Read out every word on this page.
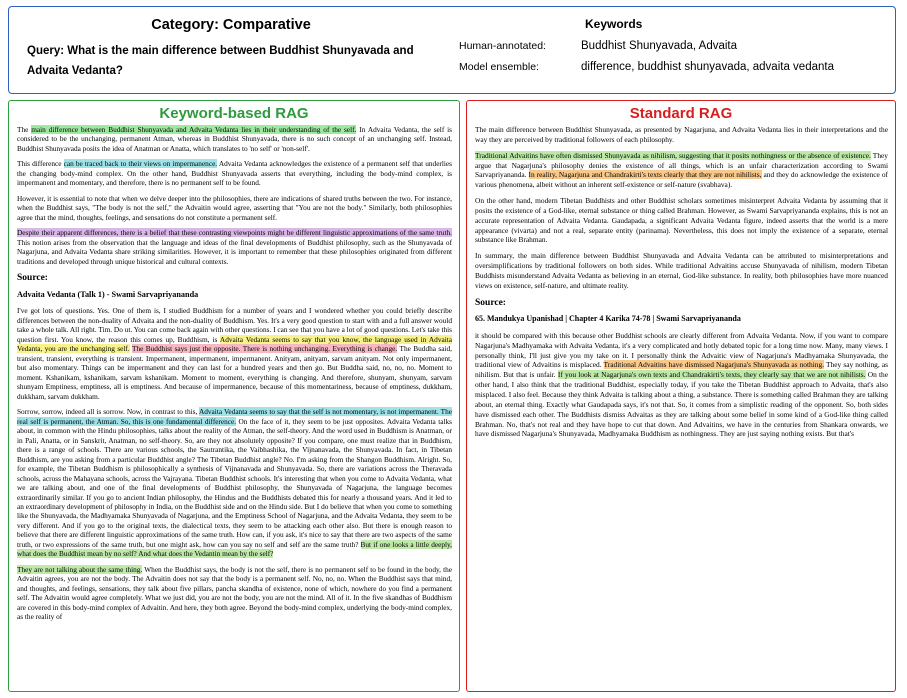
Category: Comparative
Query: What is the main difference between Buddhist Shunyavada and Advaita Vedanta?
Keywords
Human-annotated:	Buddhist Shunyavada, Advaita
Model ensemble:	difference, buddhist shunyavada, advaita vedanta
Keyword-based RAG

The main difference between Buddhist Shunyavada and Advaita Vedanta lies in their understanding of the self. In Advaita Vedanta, the self is considered to be the unchanging, permanent Atman, whereas in Buddhist Shunyavada, there is no such concept of an unchanging self. Instead, Buddhist Shunyavada posits the idea of Anatman or Anatta, which translates to 'no self' or 'non-self'.

This difference can be traced back to their views on impermanence. Advaita Vedanta acknowledges the existence of a permanent self that underlies the changing body-mind complex. On the other hand, Buddhist Shunyavada asserts that everything, including the body-mind complex, is impermanent and momentary, and therefore, there is no permanent self to be found.

However, it is essential to note that when we delve deeper into the philosophies, there are indications of shared truths between the two. For instance, when the Buddhist says, "The body is not the self," the Advaitin would agree, asserting that "You are not the body." Similarly, both philosophies agree that the mind, thoughts, feelings, and sensations do not constitute a permanent self.

Despite their apparent differences, there is a belief that these contrasting viewpoints might be different linguistic approximations of the same truth. This notion arises from the observation that the language and ideas of the final developments of Buddhist philosophy, such as the Shunyavada of Nagarjuna, and Advaita Vedanta share striking similarities. However, it is important to remember that these philosophies originated from different traditions and developed through unique historical and cultural contexts.

Source:
Advaita Vedanta (Talk 1) - Swami Sarvapriyananda

I've got lots of questions. Yes. One of them is, I studied Buddhism for a number of years and I wondered whether you could briefly describe differences between the non-duality of Advaita and the non-duality of Buddhism. Yes. It's a very good question to start with and a full answer would take a whole talk. All right. Tim. Do ut. You can come back again with other questions. I can see that you have a lot of good questions. Let's take this question first. You know, the reason this comes up, Buddhism, is Advaita Vedanta seems to say that you know, the language used in Advaita Vedanta, you are the unchanging self. The Buddhist says just the opposite. There is nothing unchanging. Everything is change. The Buddha said, transient, transient, everything is transient. Impermanent, impermanent, impermanent. Anityam, anityam, sarvam anityam. Not only impermanent, but also momentary. Things can be impermanent and they can last for a hundred years and then go. But Buddha said, no, no, no. Moment to moment. Kshanikam, kshanikam, sarvam kshanikam. Moment to moment, everything is changing. And therefore, shunyam, shunyam, sarvam shunyam Emptiness, emptiness, all is emptiness. And because of impermanence, because of this momentariness, because of emptiness, dukkham, dukkham, sarvam dukkham.

Sorrow, sorrow, indeed all is sorrow. Now, in contrast to this, Advaita Vedanta seems to say that the self is not momentary, is not impermanent. The real self is permanent, the Atman. So, this is one fundamental difference. On the face of it, they seem to be just opposites. Advaita Vedanta talks about, in common with the Hindu philosophies, talks about the reality of the Atman, the self-theory. And the word used in Buddhism is Anatman, or in Pali, Anatta, or in Sanskrit, Anatman, no self-theory. So, are they not absolutely opposite? If you compare, one must realize that in Buddhism, there is a range of schools. There are various schools, the Sautrantika, the Vaibhashika, the Vijnanavada, the Shunyavada. In fact, in Tibetan Buddhism, are you asking from a particular Buddhist angle? The Tibetan Buddhist angle? No. I'm asking from the Shangon Buddhism. Alright. So, for example, the Tibetan Buddhism is philosophically a synthesis of Vijnanavada and Shunyavada. So, there are variations across the Theravada schools, across the Mahayana schools, across the Vajrayana. Tibetan Buddhist schools. It's interesting that when you come to Advaita Vedanta, what we are talking about, and one of the final developments of Buddhist philosophy, the Shunyavada of Nagarjuna, the language becomes extraordinarily similar. If you go to ancient Indian philosophy, the Hindus and the Buddhists debated this for nearly a thousand years. And it led to an extraordinary development of philosophy in India, on the Buddhist side and on the Hindu side. But I do believe that when you come to something like the Shunyavada, the Madhyamaka Shunyavada of Nagarjuna, and the Emptiness School of Nagarjuna, and the Advaita Vedanta, they seem to be very different. And if you go to the original texts, the dialectical texts, they seem to be attacking each other also. But there is enough reason to believe that there are different linguistic approximations of the same truth. How can, if you ask, it's nice to say that there are two aspects of the same truth, or two expressions of the same truth, but one might ask, how can you say no self and self are the same truth? But if one looks a little deeply, what does the Buddhist mean by no self? And what does the Vedantin mean by the self?

They are not talking about the same thing. When the Buddhist says, the body is not the self, there is no permanent self to be found in the body, the Advaitin agrees, you are not the body. The Advaitin does not say that the body is a permanent self. No, no, no. When the Buddhist says that mind, and thoughts, and feelings, sensations, they talk about five pillars, pancha skandha of existence, none of which, nowhere do you find a permanent self. The Advaitin would agree completely. What we just did, you are not the body, you are not the mind. All of it. In the five skandhas of Buddhism are covered in this body-mind complex of Advaitin. And here, they both agree. Beyond the body-mind complex, underlying the body-mind complex, as the reality of

Standard RAG

The main difference between Buddhist Shunyavada, as presented by Nagarjuna, and Advaita Vedanta lies in their interpretations and the way they are perceived by traditional followers of each philosophy.

Traditional Advaitins have often dismissed Shunyavada as nihilism, suggesting that it posits nothingness or the absence of existence. They argue that Nagarjuna's philosophy denies the existence of all things, which is an unfair characterization according to Swami Sarvapriyananda. In reality, Nagarjuna and Chandrakirti's texts clearly that they are not nihilists, and they do acknowledge the existence of various phenomena, albeit without an inherent self-existence or self-nature (svabhava).

On the other hand, modern Tibetan Buddhists and other Buddhist scholars sometimes misinterpret Advaita Vedanta by assuming that it posits the existence of a God-like, eternal substance or thing called Brahman. However, as Swami Sarvapriyananda explains, this is not an accurate representation of Advaita Vedanta. Gaudapada, a significant Advaita Vedanta figure, indeed asserts that the world is a mere appearance (vivarta) and not a real, separate entity (parinama). Nevertheless, this does not imply the existence of a separate, eternal substance like Brahman.

In summary, the main difference between Buddhist Shunyavada and Advaita Vedanta can be attributed to misinterpretations and oversimplifications by traditional followers on both sides. While traditional Advaitins accuse Shunyavada of nihilism, modern Tibetan Buddhists misunderstand Advaita Vedanta as believing in an eternal, God-like substance. In reality, both philosophies have more nuanced views on existence, self-nature, and ultimate reality.

Source:
65. Mandukya Upanishad | Chapter 4 Karika 74-78 | Swami Sarvapriyananda

it should be compared with this because other Buddhist schools are clearly different from Advaita Vedanta. Now, if you want to compare Nagarjuna's Madhyamaka with Advaita Vedanta, it's a very complicated and hotly debated topic for a long time now. Many, many views. I personally think, I'll just give you my take on it. I personally think the Advaitic view of Nagarjuna's Madhyamaka Shunyavada, the traditional view of Advaitins is misplaced. Traditional Advaitins have dismissed Nagarjuna's Shunyavada as nothing. They say nothing, as nihilism. But that is unfair. If you look at Nagarjuna's own texts and Chandrakirti's texts, they clearly say that we are not nihilists. On the other hand, I also think that the traditional Buddhist, especially today, if you take the Tibetan Buddhist approach to Advaita, that's also misplaced. I also feel. Because they think Advaita is talking about a thing, a substance. There is something called Brahman they are talking about, an eternal thing. Exactly what Gaudapada says, it's not that. So, it comes from a simplistic reading of the opponent. So, both sides have dismissed each other. The Buddhists dismiss Advaitas as they are talking about some belief in some kind of a God-like thing called Brahman. No, that's not real and they have hope to cut that down. And Advaitins, we have in the centuries from Shankara onwards, we have dismissed Nagarjuna's Shunyavada, Madhyamaka Buddhism as nothingness. They are just saying nothing exists. But that's
